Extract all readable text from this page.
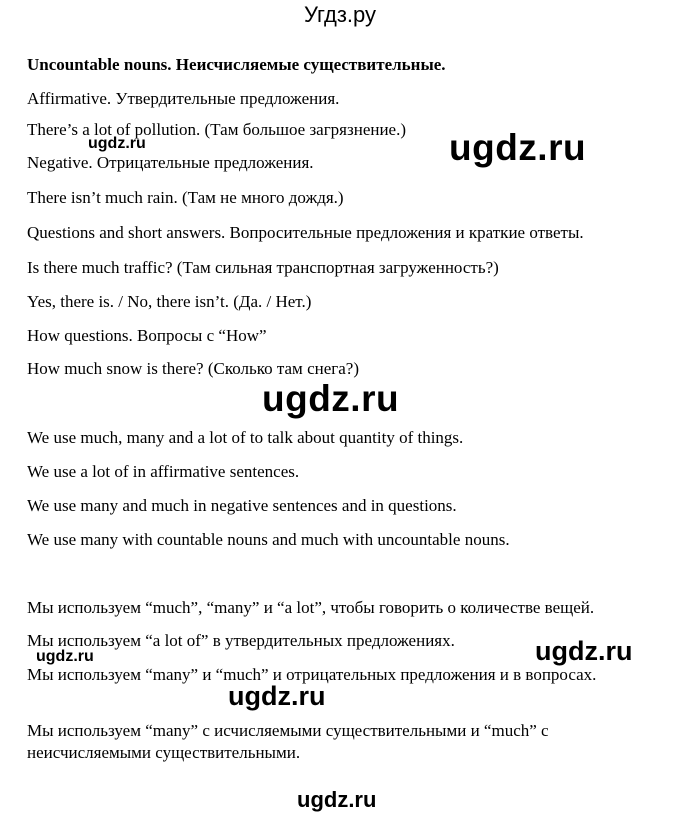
Угдз.ру
Uncountable nouns. Неисчисляемые существительные.
Affirmative. Утвердительные предложения.
There’s a lot of pollution. (Там большое загрязнение.)
Negative. Отрицательные предложения.
There isn’t much rain. (Там не много дождя.)
Questions and short answers. Вопросительные предложения и краткие ответы.
Is there much traffic? (Там сильная транспортная загруженность?)
Yes, there is. / No, there isn’t. (Да. / Нет.)
How questions. Вопросы с “How”
How much snow is there? (Сколько там снега?)
We use much, many and a lot of to talk about quantity of things.
We use a lot of in affirmative sentences.
We use many and much in negative sentences and in questions.
We use many with countable nouns and much with uncountable nouns.
Мы используем “much”, “many” и “a lot”, чтобы говорить о количестве вещей.
Мы используем “a lot of” в утвердительных предложениях.
Мы используем “many” и “much” и отрицательных предложения и в вопросах.
Мы используем “many” с исчисляемыми существительными и “much” с неисчисляемыми существительными.
ugdz.ru
ugdz.ru
ugdz.ru
ugdz.ru	ugdz.ru
ugdz.ru
ugdz.ru
